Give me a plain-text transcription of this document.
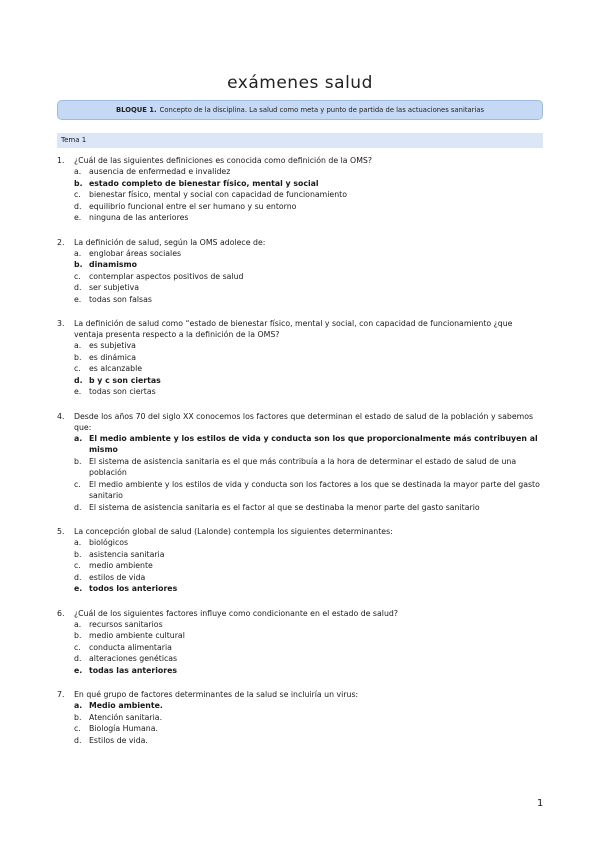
exámenes salud
BLOQUE 1. Concepto de la disciplina. La salud como meta y punto de partida de las actuaciones sanitarias
Tema 1
1.	¿Cuál de las siguientes definiciones es conocida como definición de la OMS?
a. ausencia de enfermedad e invalidez
b. estado completo de bienestar físico, mental y social
c.	bienestar físico, mental y social con capacidad de funcionamiento
d. equilibrio funcional entre el ser humano y su entorno
e. ninguna de las anteriores
2.	La definición de salud, según la OMS adolece de:
a. englobar áreas sociales
b. dinamismo
c.	contemplar aspectos positivos de salud
d. ser subjetiva
e. todas son falsas
3.	La definición de salud como “estado de bienestar físico, mental y social, con capacidad de funcionamiento ¿que ventaja presenta respecto a la definición de la OMS?
a. es subjetiva
b. es dinámica
c.	es alcanzable
d. b y c son ciertas
e. todas son ciertas
4.	Desde los años 70 del siglo XX conocemos los factores que determinan el estado de salud de la población y sabemos que:
a. El medio ambiente y los estilos de vida y conducta son los que proporcionalmente más contribuyen al mismo
b. El sistema de asistencia sanitaria es el que más contribuía a la hora de determinar el estado de salud de una población
c.	El medio ambiente y los estilos de vida y conducta son los factores a los que se destinada la mayor parte del gasto sanitario
d. El sistema de asistencia sanitaria es el factor al que se destinaba la menor parte del gasto sanitario
5.	La concepción global de salud (Lalonde) contempla los siguientes determinantes:
a. biológicos
b. asistencia sanitaria
c.	medio ambiente
d. estilos de vida
e. todos los anteriores
6.	¿Cuál de los siguientes factores influye como condicionante en el estado de salud?
a. recursos sanitarios
b. medio ambiente cultural
c.	conducta alimentaria
d. alteraciones genéticas
e. todas las anteriores
7.	En qué grupo de factores determinantes de la salud se incluiría un virus:
a. Medio ambiente.
b. Atención sanitaria.
c.	Biología Humana.
d. Estilos de vida.
1
